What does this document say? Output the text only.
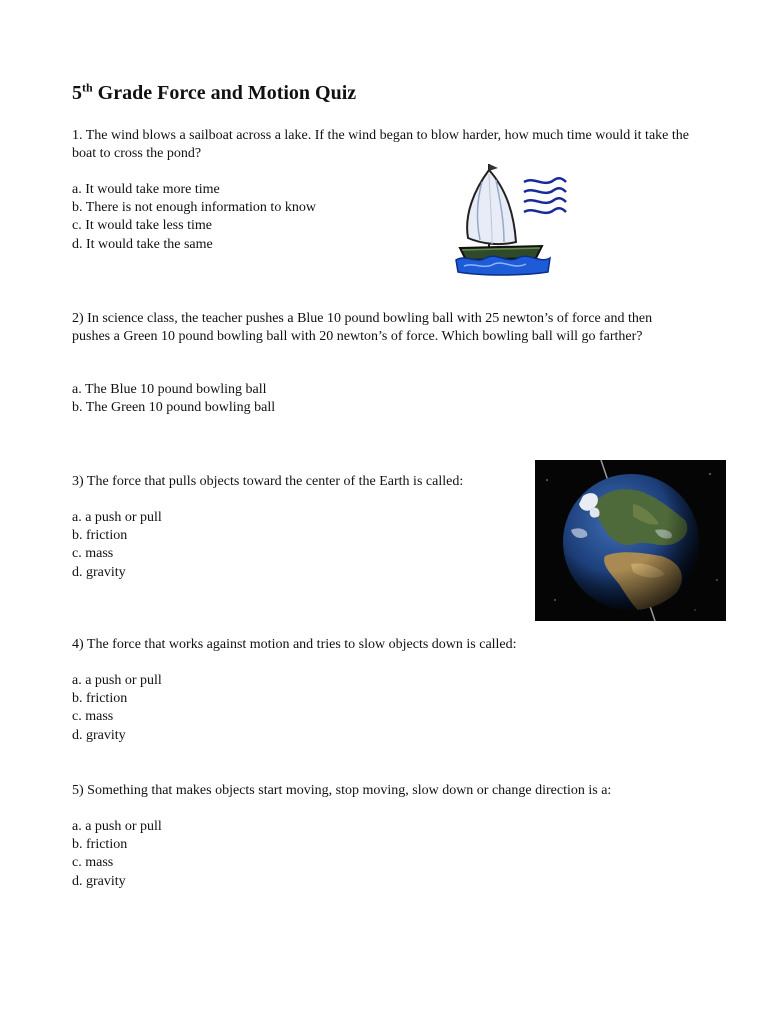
5th Grade Force and Motion Quiz

1. The wind blows a sailboat across a lake. If the wind began to blow harder, how much time would it take the boat to cross the pond?

a. It would take more time
b. There is not enough information to know
c. It would take less time
d. It would take the same

2) In science class, the teacher pushes a Blue 10 pound bowling ball with 25 newton’s of force and then pushes a Green 10 pound bowling ball with 20 newton’s of force. Which bowling ball will go farther?

a. The Blue 10 pound bowling ball
b. The Green 10 pound bowling ball

3) The force that pulls objects toward the center of the Earth is called:

a. a push or pull
b. friction
c. mass
d. gravity

4) The force that works against motion and tries to slow objects down is called:

a. a push or pull
b. friction
c. mass
d. gravity

5) Something that makes objects start moving, stop moving, slow down or change direction is a:

a. a push or pull
b. friction
c. mass
d. gravity
